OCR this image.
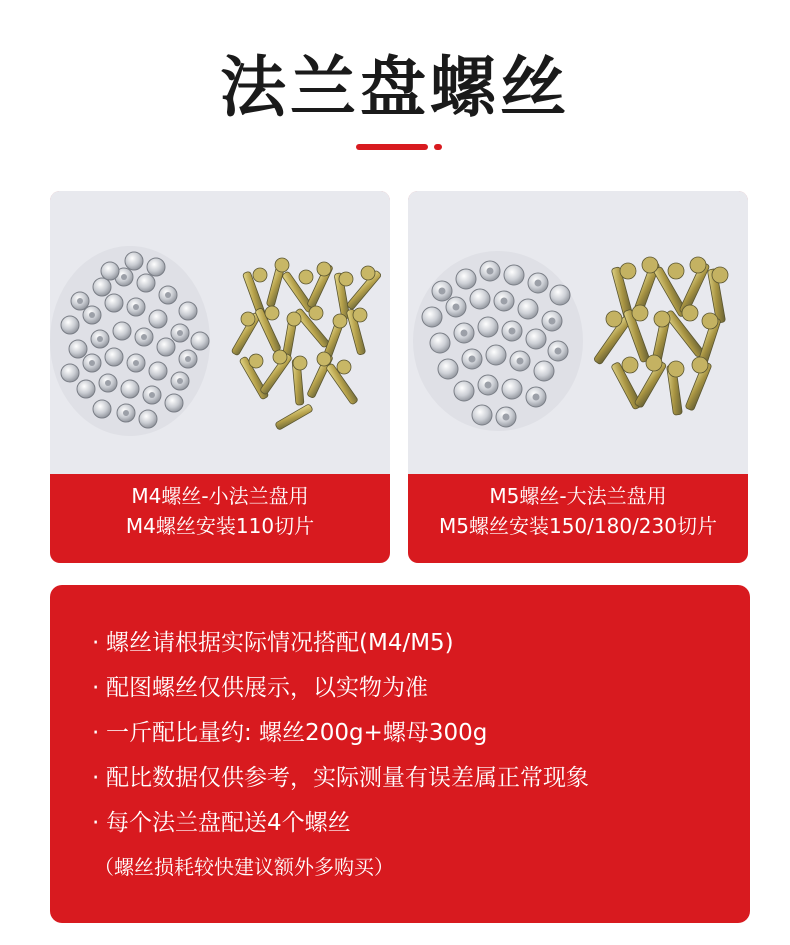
法兰盘螺丝
M4螺丝-小法兰盘用
M4螺丝安装110切片
M5螺丝-大法兰盘用
M5螺丝安装150/180/230切片
· 螺丝请根据实际情况搭配(M4/M5)
· 配图螺丝仅供展示，以实物为准
· 一斤配比量约: 螺丝200g+螺母300g
· 配比数据仅供参考，实际测量有误差属正常现象
· 每个法兰盘配送4个螺丝
（螺丝损耗较快建议额外多购买）
